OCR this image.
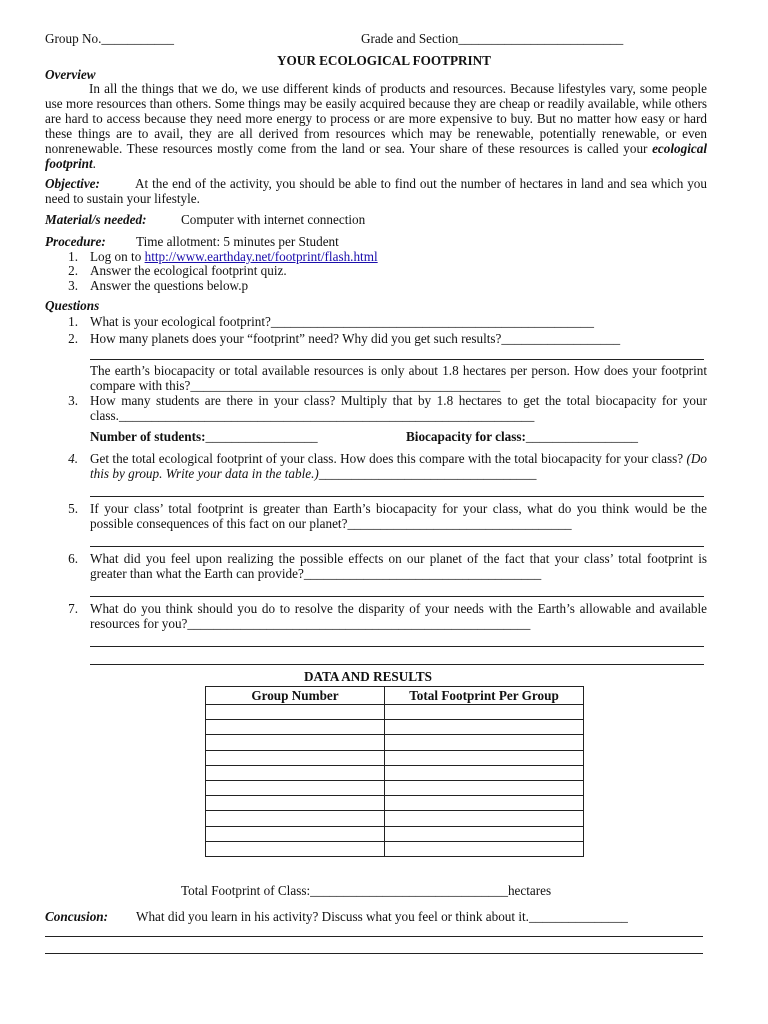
Group No.___________	Grade and Section_________________________
YOUR ECOLOGICAL FOOTPRINT
Overview
In all the things that we do, we use different kinds of products and resources. Because lifestyles vary, some people use more resources than others. Some things may be easily acquired because they are cheap or readily available, while others are hard to access because they need more energy to process or are more expensive to buy. But no matter how easy or hard these things are to avail, they are all derived from resources which may be renewable, potentially renewable, or even nonrenewable. These resources mostly come from the land or sea. Your share of these resources is called your ecological footprint.
Objective:	At the end of the activity, you should be able to find out the number of hectares in land and sea which you need to sustain your lifestyle.
Material/s needed:	Computer with internet connection
Procedure: Time allotment: 5 minutes per Student
1. Log on to http://www.earthday.net/footprint/flash.html
2. Answer the ecological footprint quiz.
3. Answer the questions below.p
Questions
1. What is your ecological footprint?_________________________________________________
2. How many planets does your “footprint” need? Why did you get such results?__________________
The earth’s biocapacity or total available resources is only about 1.8 hectares per person. How does your footprint compare with this?_______________________________________________
3. How many students are there in your class? Multiply that by 1.8 hectares to get the total biocapacity for your class._______________________________________________________________
Number of students:_________________	Biocapacity for class:_________________
4. Get the total ecological footprint of your class. How does this compare with the total biocapacity for your class? (Do this by group. Write your data in the table.)_________________________________
5. If your class’ total footprint is greater than Earth’s biocapacity for your class, what do you think would be the possible consequences of this fact on our planet?__________________________________
6. What did you feel upon realizing the possible effects on our planet of the fact that your class’ total footprint is greater than what the Earth can provide?____________________________________
7. What do you think should you do to resolve the disparity of your needs with the Earth’s allowable and available resources for you?____________________________________________________
DATA AND RESULTS
Group Number	Total Footprint Per Group

Total Footprint of Class:______________________________hectares
Concusion: What did you learn in his activity? Discuss what you feel or think about it._______________
